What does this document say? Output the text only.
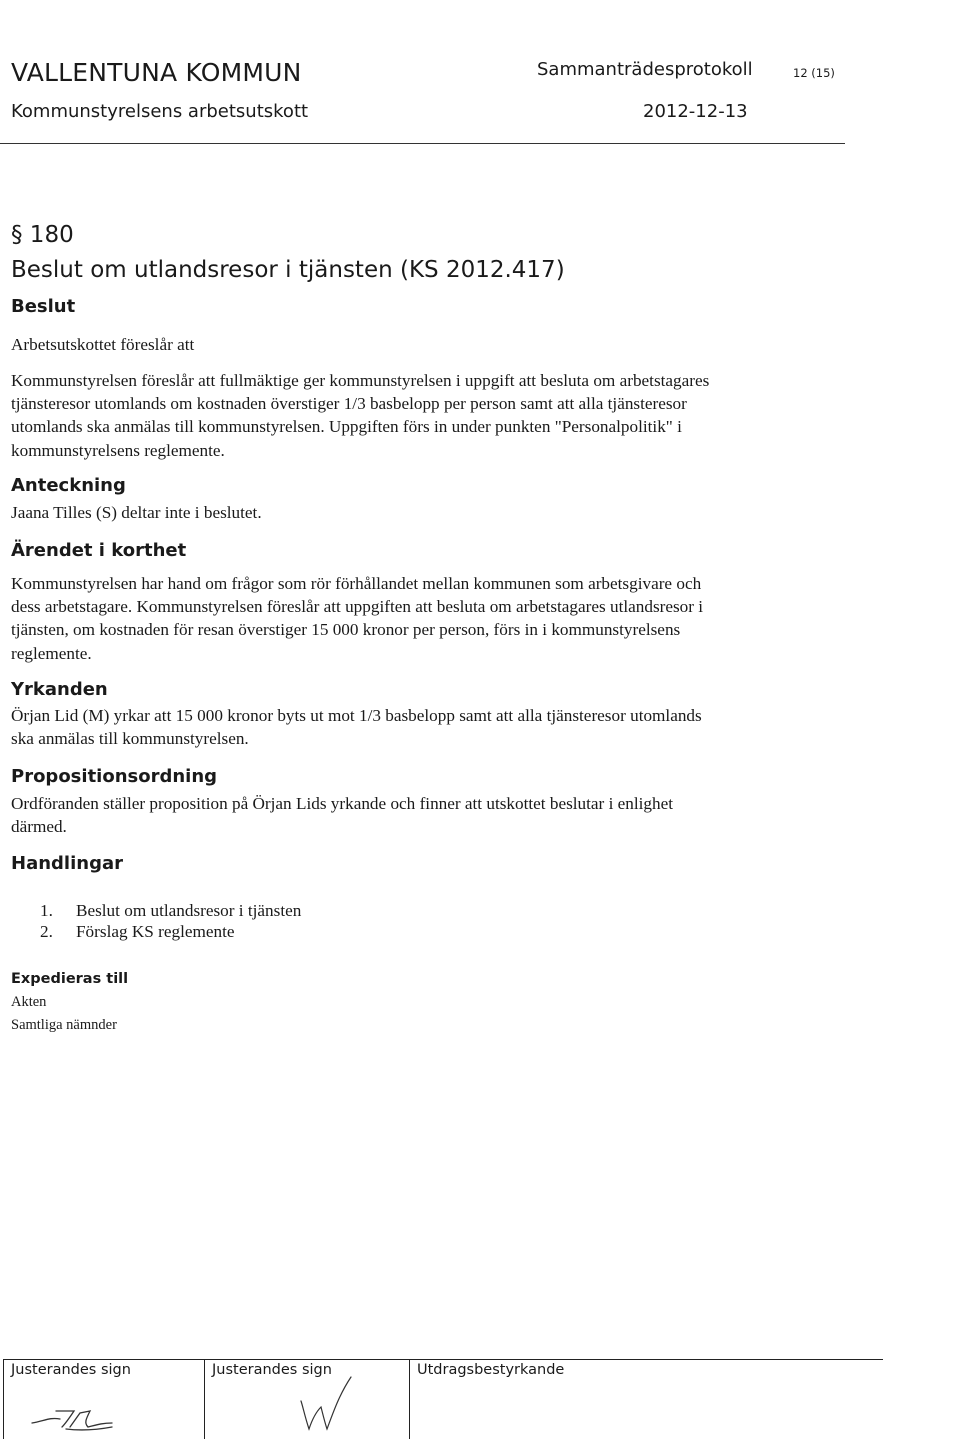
VALLENTUNA KOMMUN
Kommunstyrelsens arbetsutskott
Sammanträdesprotokoll
2012-12-13
12 (15)
§ 180
Beslut om utlandsresor i tjänsten (KS 2012.417)
Beslut
Arbetsutskottet föreslår att
Kommunstyrelsen föreslår att fullmäktige ger kommunstyrelsen i uppgift att besluta om arbetstagares
tjänsteresor utomlands om kostnaden överstiger 1/3 basbelopp per person samt att alla tjänsteresor
utomlands ska anmälas till kommunstyrelsen. Uppgiften förs in under punkten "Personalpolitik" i
kommunstyrelsens reglemente.
Anteckning
Jaana Tilles (S) deltar inte i beslutet.
Ärendet i korthet
Kommunstyrelsen har hand om frågor som rör förhållandet mellan kommunen som arbetsgivare och
dess arbetstagare. Kommunstyrelsen föreslår att uppgiften att besluta om arbetstagares utlandsresor i
tjänsten, om kostnaden för resan överstiger 15 000 kronor per person, förs in i kommunstyrelsens
reglemente.
Yrkanden
Örjan Lid (M) yrkar att 15 000 kronor byts ut mot 1/3 basbelopp samt att alla tjänsteresor utomlands
ska anmälas till kommunstyrelsen.
Propositionsordning
Ordföranden ställer proposition på Örjan Lids yrkande och finner att utskottet beslutar i enlighet
därmed.
Handlingar
1.	Beslut om utlandsresor i tjänsten
2.	Förslag KS reglemente
Expedieras till
Akten
Samtliga nämnder
Justerandes sign	Justerandes sign	Utdragsbestyrkande
